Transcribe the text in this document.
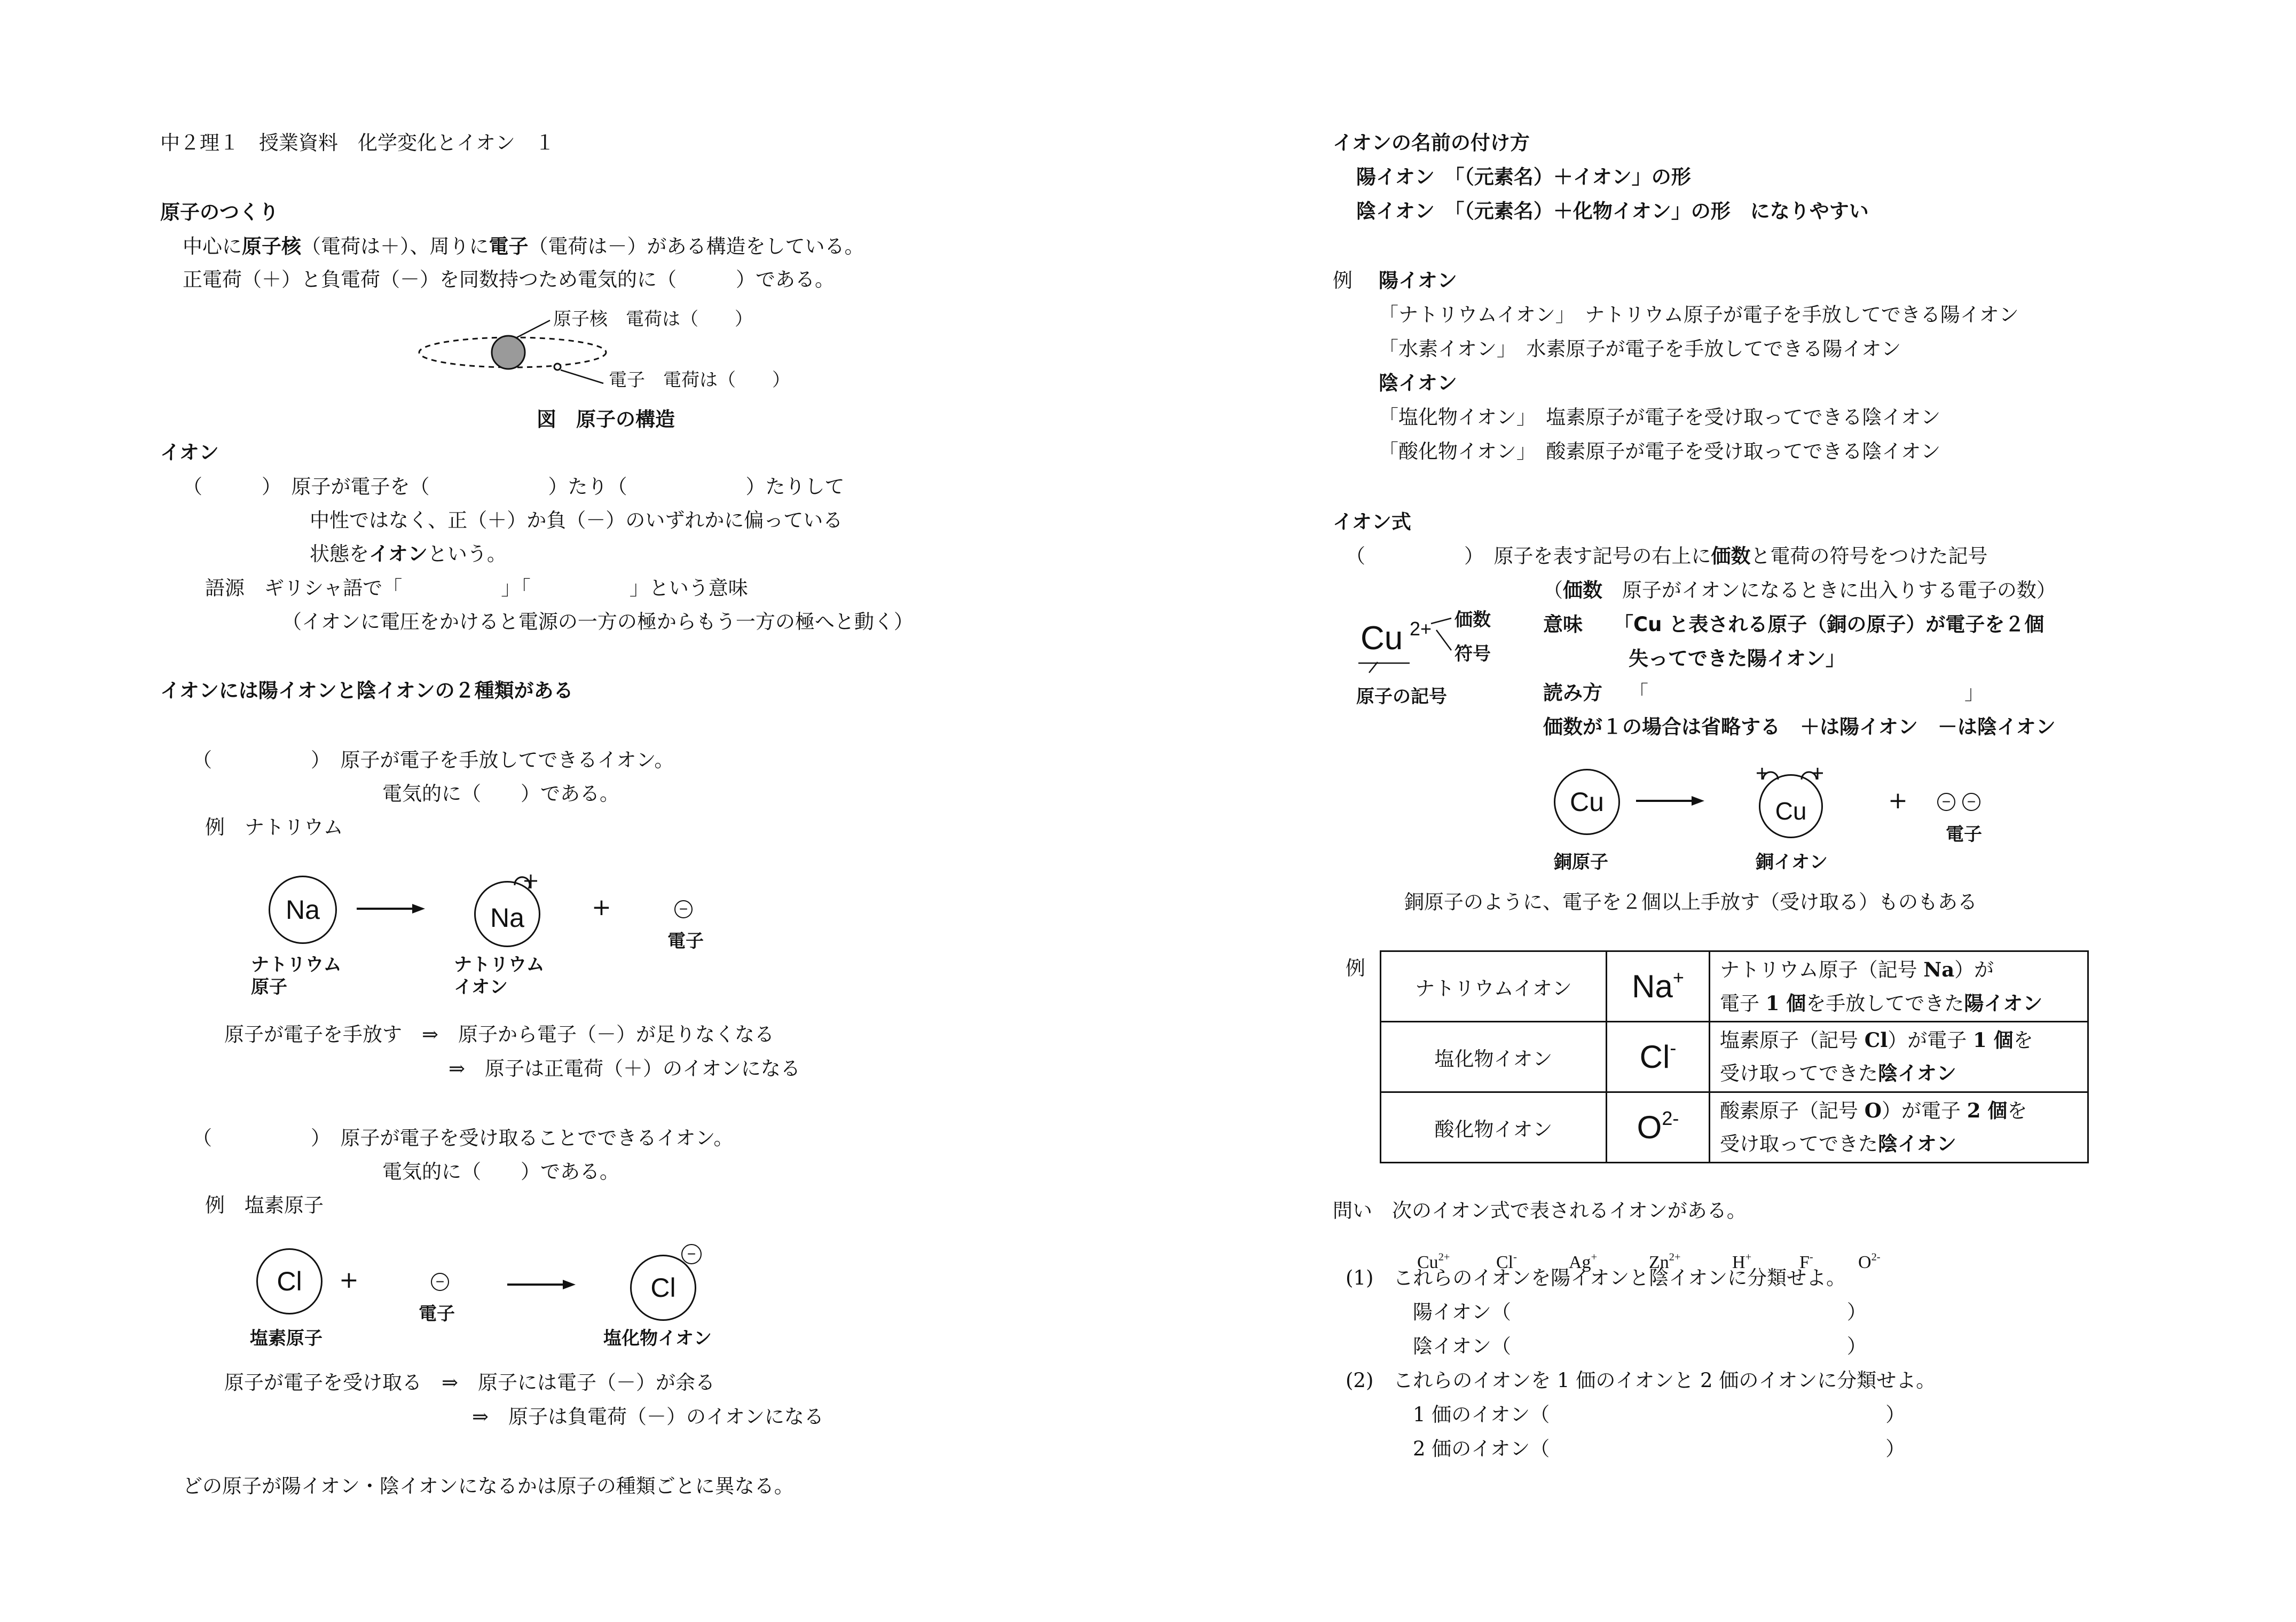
中２理１　授業資料　化学変化とイオン　１
原子のつくり
中心に原子核（電荷は＋）、周りに電子（電荷は－）がある構造をしている。
正電荷（＋）と負電荷（－）を同数持つため電気的に（　　　）である。
原子核　電荷は（　　）
電子　電荷は（　　）
図　原子の構造
イオン
（　　　）　原子が電子を（　　　　　　）たり（　　　　　　）たりして
中性ではなく、正（＋）か負（－）のいずれかに偏っている
状態をイオンという。
語源　ギリシャ語で「　　　　　」「　　　　　」という意味
（イオンに電圧をかけると電源の一方の極からもう一方の極へと動く）
イオンには陽イオンと陰イオンの２種類がある
（　　　　　）　原子が電子を手放してできるイオン。
電気的に（　　）である。
例　ナトリウム
Na	Na	+	−
電子
ナトリウム
原子
ナトリウム
イオン
原子が電子を手放す　⇒　原子から電子（－）が足りなくなる
⇒　原子は正電荷（＋）のイオンになる
（　　　　　）　原子が電子を受け取ることでできるイオン。
電気的に（　　）である。
例　塩素原子
Cl +	−
電子
Cl
−
塩素原子	塩化物イオン
原子が電子を受け取る　⇒　原子には電子（－）が余る
⇒　原子は負電荷（－）のイオンになる
どの原子が陽イオン・陰イオンになるかは原子の種類ごとに異なる。
イオンの名前の付け方
陽イオン　「（元素名）＋イオン」の形
陰イオン　「（元素名）＋化物イオン」の形　になりやすい
例 陽イオン
「ナトリウムイオン」　ナトリウム原子が電子を手放してできる陽イオン
「水素イオン」　水素原子が電子を手放してできる陽イオン
陰イオン
「塩化物イオン」　塩素原子が電子を受け取ってできる陰イオン
「酸化物イオン」　酸素原子が電子を受け取ってできる陰イオン
イオン式
（　　　　　）　原子を表す記号の右上に価数と電荷の符号をつけた記号
（価数　原子がイオンになるときに出入りする電子の数）
Cu 2+ 価数
符号
原子の記号
意味 「Cu と表される原子（銅の原子）が電子を２個
失ってできた陽イオン」
読み方 「　　　　　　　　　　　　　　　　」
価数が１の場合は省略する　＋は陽イオン　－は陰イオン
Cu	Cu	+ − −
電子
銅原子	銅イオン
銅原子のように、電子を２個以上手放す（受け取る）ものもある
例
ナトリウムイオン	Na+	ナトリウム原子（記号 Na）が
電子 1 個を手放してできた陽イオン

塩化物イオン	Cl-	塩素原子（記号 Cl）が電子 1 個を
受け取ってできた陰イオン

酸化物イオン	$O^{2-}$	酸素原子（記号 O）が電子 2 個を
受け取ってできた陰イオン
問い　次のイオン式で表されるイオンがある。

$Cu^{2+}$	Cl-	Ag+	$Zn^{2+}$	H+	F- $O^{2-}$

(1)　これらのイオンを陽イオンと陰イオンに分類せよ。
陽イオン（　　　　　　　　　　　　　　　　　）
陰イオン（　　　　　　　　　　　　　　　　　）
(2)　これらのイオンを 1 価のイオンと 2 価のイオンに分類せよ。
1 価のイオン（　　　　　　　　　　　　　　　　　）
2 価のイオン（　　　　　　　　　　　　　　　　　）
